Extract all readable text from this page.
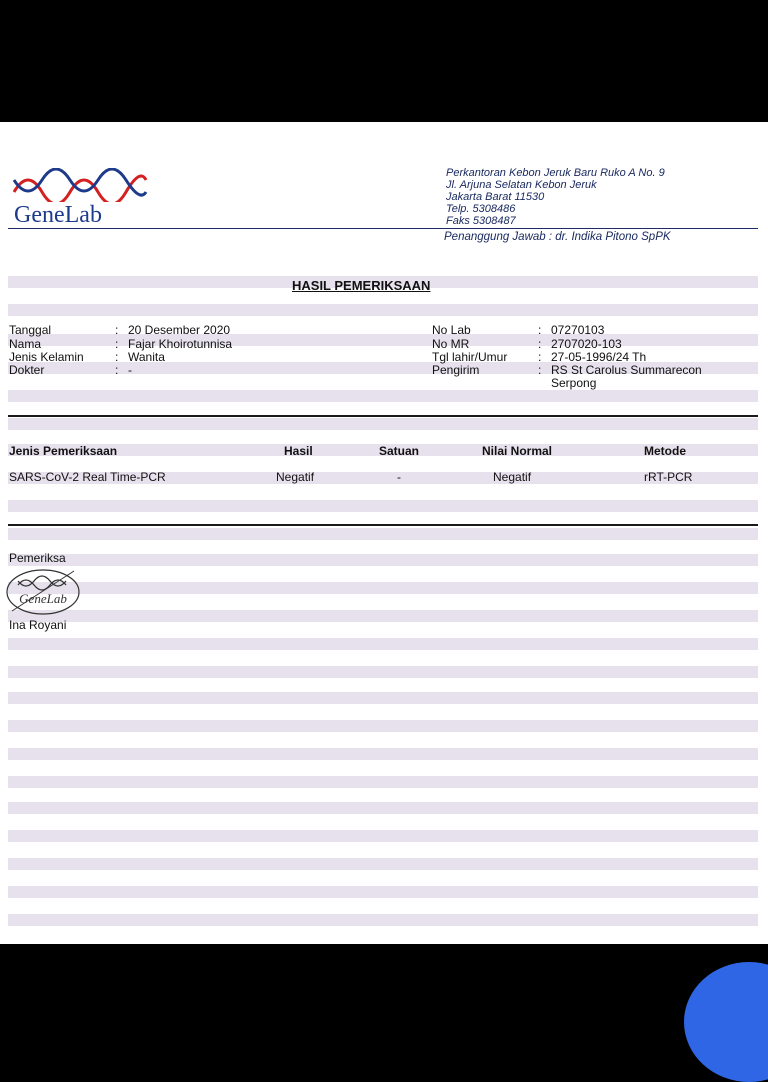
GeneLab
Perkantoran Kebon Jeruk Baru Ruko A No. 9
Jl. Arjuna Selatan Kebon Jeruk
Jakarta Barat 11530
Telp. 5308486
Faks 5308487
Penanggung Jawab : dr. Indika Pitono SpPK
HASIL PEMERIKSAAN
Tanggal	: 20 Desember 2020
Nama	: Fajar Khoirotunnisa
Jenis Kelamin	: Wanita
Dokter	: -
No Lab	: 07270103
No MR	: 2707020-103
Tgl lahir/Umur	: 27-05-1996/24 Th
Pengirim	: RS St Carolus Summarecon
Serpong
Jenis Pemeriksaan	Hasil	Satuan	Nilai Normal	Metode
SARS-CoV-2 Real Time-PCR	Negatif	-	Negatif	rRT-PCR
Pemeriksa
GeneLab
Ina Royani
